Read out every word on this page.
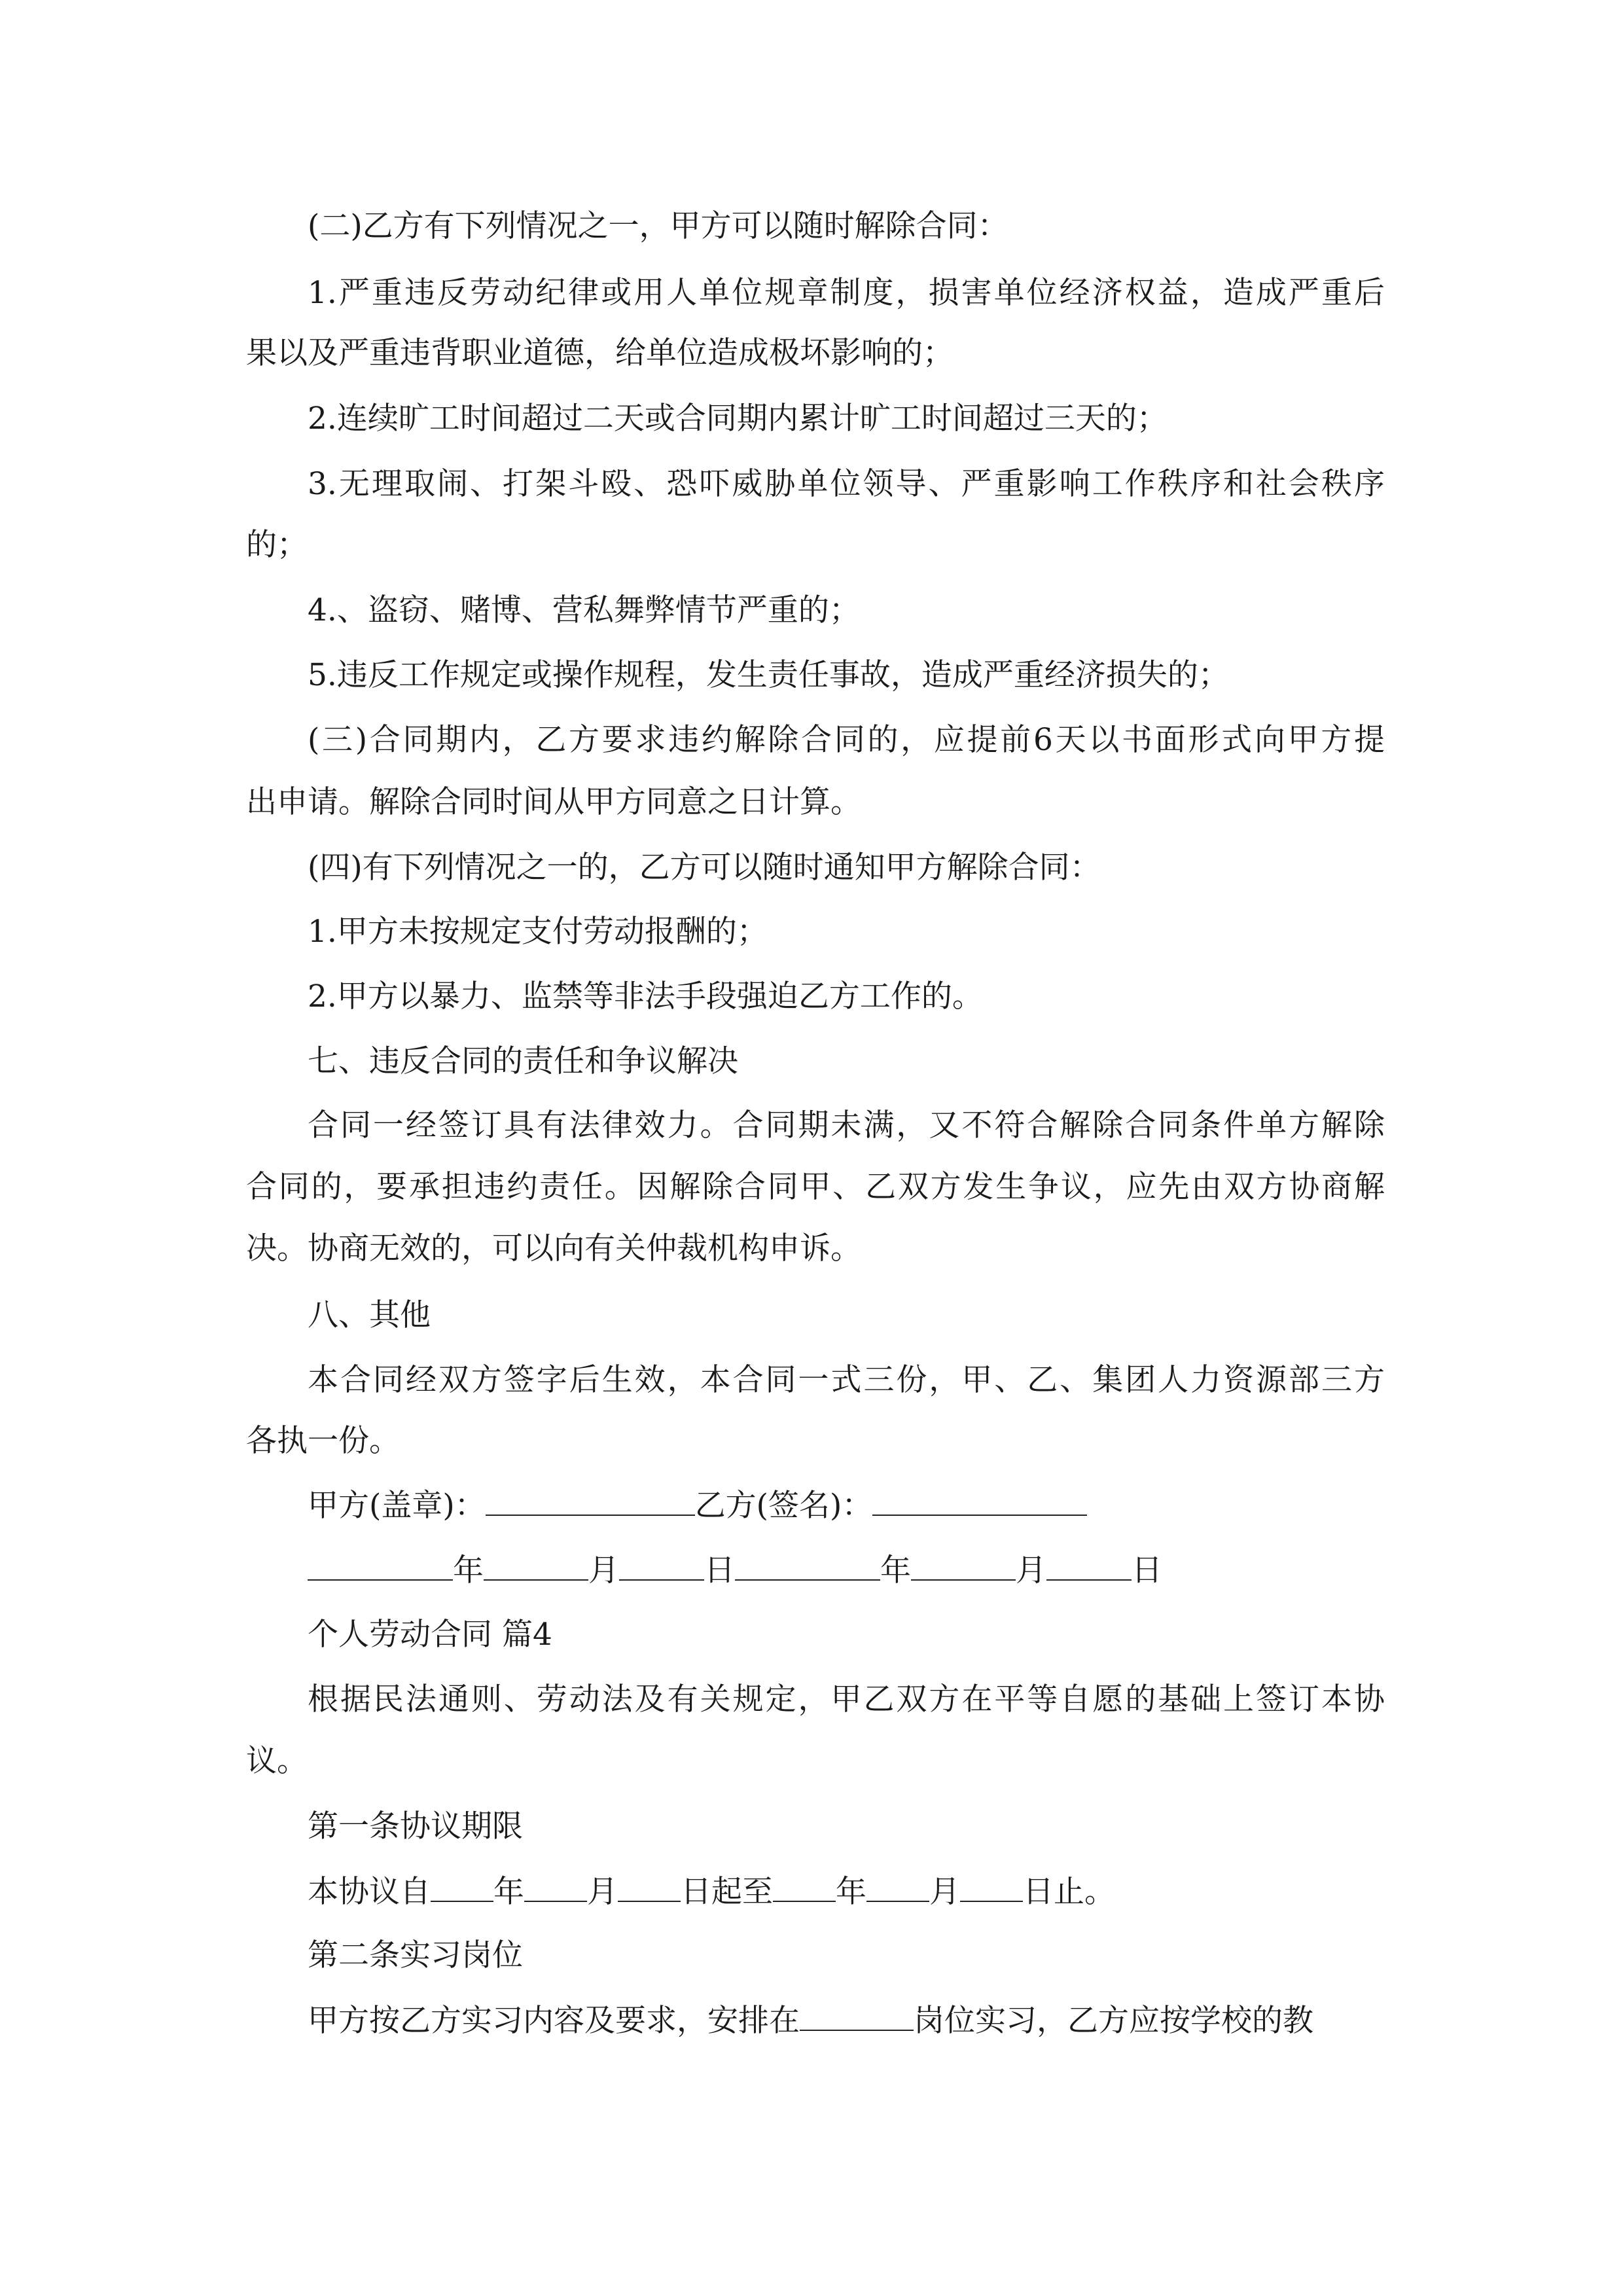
(二)乙方有下列情况之一，甲方可以随时解除合同：
1.严重违反劳动纪律或用人单位规章制度，损害单位经济权益，造成严重后
果以及严重违背职业道德，给单位造成极坏影响的；
2.连续旷工时间超过二天或合同期内累计旷工时间超过三天的；
3.无理取闹、打架斗殴、恐吓威胁单位领导、严重影响工作秩序和社会秩序
的；
4.、盗窃、赌博、营私舞弊情节严重的；
5.违反工作规定或操作规程，发生责任事故，造成严重经济损失的；
(三)合同期内，乙方要求违约解除合同的，应提前6天以书面形式向甲方提
出申请。解除合同时间从甲方同意之日计算。
(四)有下列情况之一的，乙方可以随时通知甲方解除合同：
1.甲方未按规定支付劳动报酬的；
2.甲方以暴力、监禁等非法手段强迫乙方工作的。
七、违反合同的责任和争议解决
合同一经签订具有法律效力。合同期未满，又不符合解除合同条件单方解除
合同的，要承担违约责任。因解除合同甲、乙双方发生争议，应先由双方协商解
决。协商无效的，可以向有关仲裁机构申诉。
八、其他
本合同经双方签字后生效，本合同一式三份，甲、乙、集团人力资源部三方
各执一份。
甲方(盖章)：	乙方(签名)：
年	月	日	年	月	日
个人劳动合同 篇4
根据民法通则、劳动法及有关规定，甲乙双方在平等自愿的基础上签订本协
议。
第一条协议期限
本协议自 年 月 日起至 年 月 日止。
第二条实习岗位
甲方按乙方实习内容及要求，安排在	岗位实习，乙方应按学校的教
